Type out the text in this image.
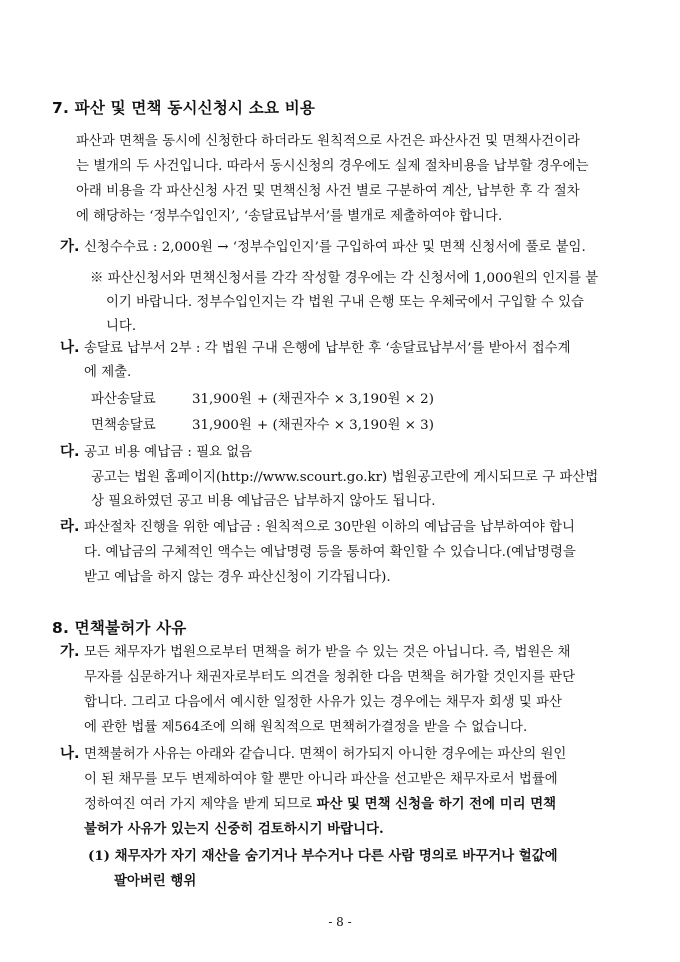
7. 파산 및 면책 동시신청시 소요 비용
파산과 면책을 동시에 신청한다 하더라도 원칙적으로 사건은 파산사건 및 면책사건이라
는 별개의 두 사건입니다. 따라서 동시신청의 경우에도 실제 절차비용을 납부할 경우에는
아래 비용을 각 파산신청 사건 및 면책신청 사건 별로 구분하여 계산, 납부한 후 각 절차
에 해당하는 ‘정부수입인지’, ‘송달료납부서’를 별개로 제출하여야 합니다.
가. 신청수수료 : 2,000원 → ‘정부수입인지’를 구입하여 파산 및 면책 신청서에 풀로 붙임.
※ 파산신청서와 면책신청서를 각각 작성할 경우에는 각 신청서에 1,000원의 인지를 붙
이기 바랍니다. 정부수입인지는 각 법원 구내 은행 또는 우체국에서 구입할 수 있습
니다.
나. 송달료 납부서 2부 : 각 법원 구내 은행에 납부한 후 ‘송달료납부서’를 받아서 접수계
에 제출.
파산송달료	31,900원 + (채권자수 × 3,190원 × 2)
면책송달료	31,900원 + (채권자수 × 3,190원 × 3)
다. 공고 비용 예납금 : 필요 없음
공고는 법원 홈페이지(http://www.scourt.go.kr) 법원공고란에 게시되므로 구 파산법
상 필요하였던 공고 비용 예납금은 납부하지 않아도 됩니다.
라. 파산절차 진행을 위한 예납금 : 원칙적으로 30만원 이하의 예납금을 납부하여야 합니
다. 예납금의 구체적인 액수는 예납명령 등을 통하여 확인할 수 있습니다.(예납명령을
받고 예납을 하지 않는 경우 파산신청이 기각됩니다).
8. 면책불허가 사유
가. 모든 채무자가 법원으로부터 면책을 허가 받을 수 있는 것은 아닙니다. 즉, 법원은 채
무자를 심문하거나 채권자로부터도 의견을 청취한 다음 면책을 허가할 것인지를 판단
합니다. 그리고 다음에서 예시한 일정한 사유가 있는 경우에는 채무자 회생 및 파산
에 관한 법률 제564조에 의해 원칙적으로 면책허가결정을 받을 수 없습니다.
나. 면책불허가 사유는 아래와 같습니다. 면책이 허가되지 아니한 경우에는 파산의 원인
이 된 채무를 모두 변제하여야 할 뿐만 아니라 파산을 선고받은 채무자로서 법률에
정하여진 여러 가지 제약을 받게 되므로 파산 및 면책 신청을 하기 전에 미리 면책
불허가 사유가 있는지 신중히 검토하시기 바랍니다.
(1) 채무자가 자기 재산을 숨기거나 부수거나 다른 사람 명의로 바꾸거나 헐값에
팔아버린 행위
- 8 -
